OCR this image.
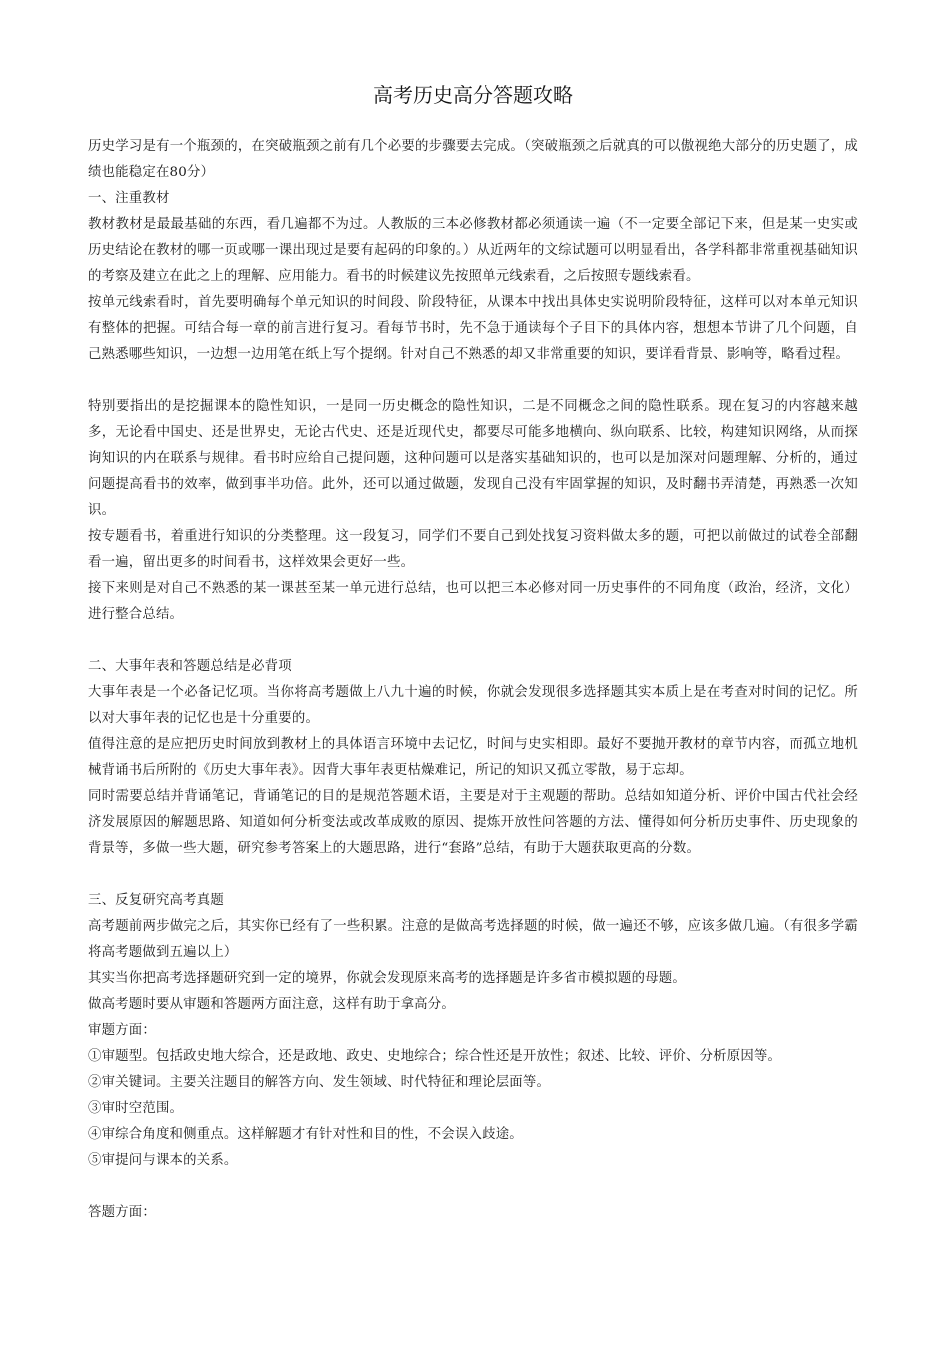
高考历史高分答题攻略

历史学习是有一个瓶颈的，在突破瓶颈之前有几个必要的步骤要去完成。（突破瓶颈之后就真的可以傲视绝大部分的历史题了，成绩也能稳定在80分）

一、注重教材

教材教材是最最基础的东西，看几遍都不为过。人教版的三本必修教材都必须通读一遍（不一定要全部记下来，但是某一史实或历史结论在教材的哪一页或哪一课出现过是要有起码的印象的。）从近两年的文综试题可以明显看出，各学科都非常重视基础知识的考察及建立在此之上的理解、应用能力。看书的时候建议先按照单元线索看，之后按照专题线索看。

按单元线索看时，首先要明确每个单元知识的时间段、阶段特征，从课本中找出具体史实说明阶段特征，这样可以对本单元知识有整体的把握。可结合每一章的前言进行复习。看每节书时，先不急于通读每个子目下的具体内容，想想本节讲了几个问题，自己熟悉哪些知识，一边想一边用笔在纸上写个提纲。针对自己不熟悉的却又非常重要的知识，要详看背景、影响等，略看过程。

特别要指出的是挖掘课本的隐性知识，一是同一历史概念的隐性知识，二是不同概念之间的隐性联系。现在复习的内容越来越多，无论看中国史、还是世界史，无论古代史、还是近现代史，都要尽可能多地横向、纵向联系、比较，构建知识网络，从而探询知识的内在联系与规律。看书时应给自己提问题，这种问题可以是落实基础知识的，也可以是加深对问题理解、分析的，通过问题提高看书的效率，做到事半功倍。此外，还可以通过做题，发现自己没有牢固掌握的知识，及时翻书弄清楚，再熟悉一次知识。

按专题看书，着重进行知识的分类整理。这一段复习，同学们不要自己到处找复习资料做太多的题，可把以前做过的试卷全部翻看一遍，留出更多的时间看书，这样效果会更好一些。

接下来则是对自己不熟悉的某一课甚至某一单元进行总结，也可以把三本必修对同一历史事件的不同角度（政治，经济，文化）进行整合总结。

二、大事年表和答题总结是必背项

大事年表是一个必备记忆项。当你将高考题做上八九十遍的时候，你就会发现很多选择题其实本质上是在考查对时间的记忆。所以对大事年表的记忆也是十分重要的。

值得注意的是应把历史时间放到教材上的具体语言环境中去记忆，时间与史实相即。最好不要抛开教材的章节内容，而孤立地机械背诵书后所附的《历史大事年表》。因背大事年表更枯燥难记，所记的知识又孤立零散，易于忘却。

同时需要总结并背诵笔记，背诵笔记的目的是规范答题术语，主要是对于主观题的帮助。总结如知道分析、评价中国古代社会经济发展原因的解题思路、知道如何分析变法或改革成败的原因、提炼开放性问答题的方法、懂得如何分析历史事件、历史现象的背景等，多做一些大题，研究参考答案上的大题思路，进行“套路”总结，有助于大题获取更高的分数。

三、反复研究高考真题

高考题前两步做完之后，其实你已经有了一些积累。注意的是做高考选择题的时候，做一遍还不够，应该多做几遍。（有很多学霸将高考题做到五遍以上）

其实当你把高考选择题研究到一定的境界，你就会发现原来高考的选择题是许多省市模拟题的母题。

做高考题时要从审题和答题两方面注意，这样有助于拿高分。

审题方面：

①审题型。包括政史地大综合，还是政地、政史、史地综合；综合性还是开放性；叙述、比较、评价、分析原因等。

②审关键词。主要关注题目的解答方向、发生领域、时代特征和理论层面等。

③审时空范围。

④审综合角度和侧重点。这样解题才有针对性和目的性，不会误入歧途。

⑤审提问与课本的关系。

答题方面：
